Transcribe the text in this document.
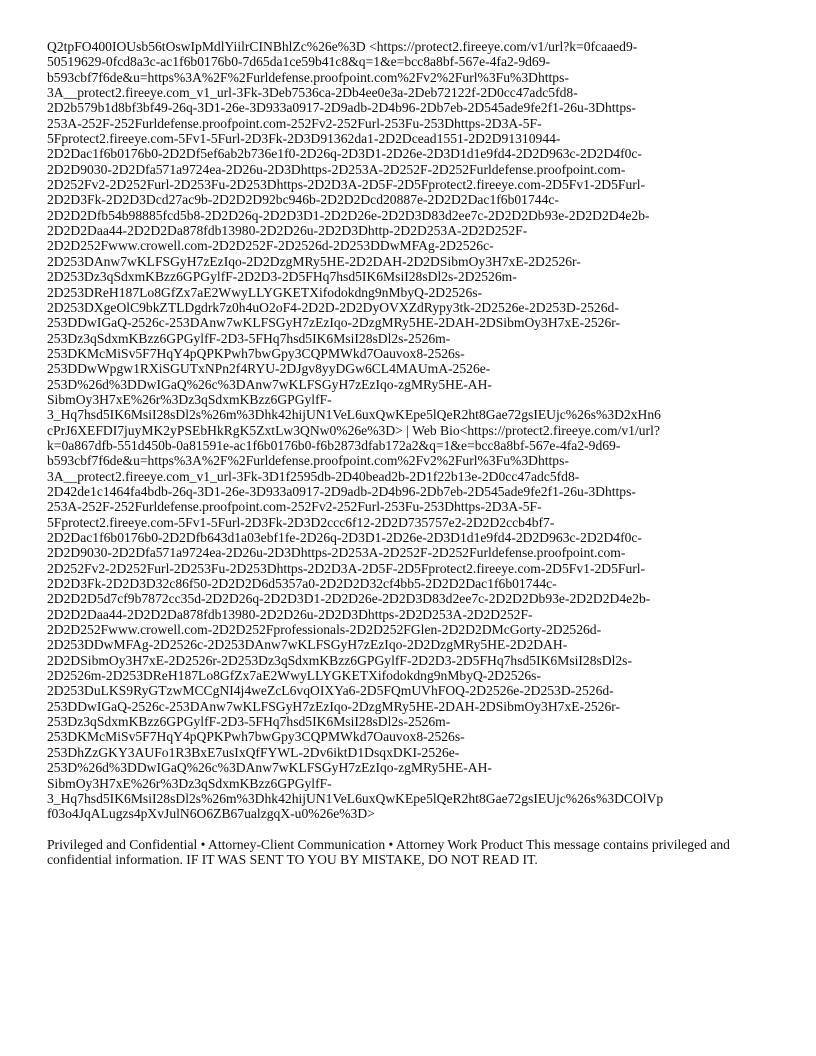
Q2tpFO400IOUsb56tOswIpMdlYiilrCINBhlZc%26e%3D <https://protect2.fireeye.com/v1/url?k=0fcaaed9-
50519629-0fcd8a3c-ac1f6b0176b0-7d65da1ce59b41c8&q=1&e=bcc8a8bf-567e-4fa2-9d69-
b593cbf7f6de&u=https%3A%2F%2Furldefense.proofpoint.com%2Fv2%2Furl%3Fu%3Dhttps-
3A__protect2.fireeye.com_v1_url-3Fk-3Deb7536ca-2Db4ee0e3a-2Deb72122f-2D0cc47adc5fd8-
2D2b579b1d8bf3bf49-26q-3D1-26e-3D933a0917-2D9adb-2D4b96-2Db7eb-2D545ade9fe2f1-26u-3Dhttps-
253A-252F-252Furldefense.proofpoint.com-252Fv2-252Furl-253Fu-253Dhttps-2D3A-5F-
5Fprotect2.fireeye.com-5Fv1-5Furl-2D3Fk-2D3D91362da1-2D2Dcead1551-2D2D91310944-
2D2Dac1f6b0176b0-2D2Df5ef6ab2b736e1f0-2D26q-2D3D1-2D26e-2D3D1d1e9fd4-2D2D963c-2D2D4f0c-
2D2D9030-2D2Dfa571a9724ea-2D26u-2D3Dhttps-2D253A-2D252F-2D252Furldefense.proofpoint.com-
2D252Fv2-2D252Furl-2D253Fu-2D253Dhttps-2D2D3A-2D5F-2D5Fprotect2.fireeye.com-2D5Fv1-2D5Furl-
2D2D3Fk-2D2D3Dcd27ac9b-2D2D2D92bc946b-2D2D2Dcd20887e-2D2D2Dac1f6b01744c-
2D2D2Dfb54b98885fcd5b8-2D2D26q-2D2D3D1-2D2D26e-2D2D3D83d2ee7c-2D2D2Db93e-2D2D2D4e2b-
2D2D2Daa44-2D2D2Da878fdb13980-2D2D26u-2D2D3Dhttp-2D2D253A-2D2D252F-
2D2D252Fwww.crowell.com-2D2D252F-2D2526d-2D253DDwMFAg-2D2526c-
2D253DAnw7wKLFSGyH7zEzIqo-2D2DzgMRy5HE-2D2DAH-2D2DSibmOy3H7xE-2D2526r-
2D253Dz3qSdxmKBzz6GPGylfF-2D2D3-2D5FHq7hsd5IK6MsiI28sDl2s-2D2526m-
2D253DReH187Lo8GfZx7aE2WwyLLYGKETXifodokdng9nMbyQ-2D2526s-
2D253DXgeOlC9bkZTLDgdrk7z0h4uO2oF4-2D2D-2D2DyOVXZdRypy3tk-2D2526e-2D253D-2526d-
253DDwIGaQ-2526c-253DAnw7wKLFSGyH7zEzIqo-2DzgMRy5HE-2DAH-2DSibmOy3H7xE-2526r-
253Dz3qSdxmKBzz6GPGylfF-2D3-5FHq7hsd5IK6MsiI28sDl2s-2526m-
253DKMcMiSv5F7HqY4pQPKPwh7bwGpy3CQPMWkd7Oauvox8-2526s-
253DDwWpgw1RXiSGUTxNPn2f4RYU-2DJgv8yyDGw6CL4MAUmA-2526e-
253D%26d%3DDwIGaQ%26c%3DAnw7wKLFSGyH7zEzIqo-zgMRy5HE-AH-
SibmOy3H7xE%26r%3Dz3qSdxmKBzz6GPGylfF-
3_Hq7hsd5IK6MsiI28sDl2s%26m%3Dhk42hijUN1VeL6uxQwKEpe5lQeR2ht8Gae72gsIEUjc%26s%3D2xHn6
cPrJ6XEFDI7juyMK2yPSEbHkRgK5ZxtLw3QNw0%26e%3D> | Web Bio<https://protect2.fireeye.com/v1/url?
k=0a867dfb-551d450b-0a81591e-ac1f6b0176b0-f6b2873dfab172a2&q=1&e=bcc8a8bf-567e-4fa2-9d69-
b593cbf7f6de&u=https%3A%2F%2Furldefense.proofpoint.com%2Fv2%2Furl%3Fu%3Dhttps-
3A__protect2.fireeye.com_v1_url-3Fk-3D1f2595db-2D40bead2b-2D1f22b13e-2D0cc47adc5fd8-
2D42de1c1464fa4bdb-26q-3D1-26e-3D933a0917-2D9adb-2D4b96-2Db7eb-2D545ade9fe2f1-26u-3Dhttps-
253A-252F-252Furldefense.proofpoint.com-252Fv2-252Furl-253Fu-253Dhttps-2D3A-5F-
5Fprotect2.fireeye.com-5Fv1-5Furl-2D3Fk-2D3D2ccc6f12-2D2D735757e2-2D2D2ccb4bf7-
2D2Dac1f6b0176b0-2D2Dfb643d1a03ebf1fe-2D26q-2D3D1-2D26e-2D3D1d1e9fd4-2D2D963c-2D2D4f0c-
2D2D9030-2D2Dfa571a9724ea-2D26u-2D3Dhttps-2D253A-2D252F-2D252Furldefense.proofpoint.com-
2D252Fv2-2D252Furl-2D253Fu-2D253Dhttps-2D2D3A-2D5F-2D5Fprotect2.fireeye.com-2D5Fv1-2D5Furl-
2D2D3Fk-2D2D3D32c86f50-2D2D2D6d5357a0-2D2D2D32cf4bb5-2D2D2Dac1f6b01744c-
2D2D2D5d7cf9b7872cc35d-2D2D26q-2D2D3D1-2D2D26e-2D2D3D83d2ee7c-2D2D2Db93e-2D2D2D4e2b-
2D2D2Daa44-2D2D2Da878fdb13980-2D2D26u-2D2D3Dhttps-2D2D253A-2D2D252F-
2D2D252Fwww.crowell.com-2D2D252Fprofessionals-2D2D252FGlen-2D2D2DMcGorty-2D2526d-
2D253DDwMFAg-2D2526c-2D253DAnw7wKLFSGyH7zEzIqo-2D2DzgMRy5HE-2D2DAH-
2D2DSibmOy3H7xE-2D2526r-2D253Dz3qSdxmKBzz6GPGylfF-2D2D3-2D5FHq7hsd5IK6MsiI28sDl2s-
2D2526m-2D253DReH187Lo8GfZx7aE2WwyLLYGKETXifodokdng9nMbyQ-2D2526s-
2D253DuLKS9RyGTzwMCCgNI4j4weZcL6vqOIXYa6-2D5FQmUVhFOQ-2D2526e-2D253D-2526d-
253DDwIGaQ-2526c-253DAnw7wKLFSGyH7zEzIqo-2DzgMRy5HE-2DAH-2DSibmOy3H7xE-2526r-
253Dz3qSdxmKBzz6GPGylfF-2D3-5FHq7hsd5IK6MsiI28sDl2s-2526m-
253DKMcMiSv5F7HqY4pQPKPwh7bwGpy3CQPMWkd7Oauvox8-2526s-
253DhZzGKY3AUFo1R3BxE7usIxQfFYWL-2Dv6iktD1DsqxDKI-2526e-
253D%26d%3DDwIGaQ%26c%3DAnw7wKLFSGyH7zEzIqo-zgMRy5HE-AH-
SibmOy3H7xE%26r%3Dz3qSdxmKBzz6GPGylfF-
3_Hq7hsd5IK6MsiI28sDl2s%26m%3Dhk42hijUN1VeL6uxQwKEpe5lQeR2ht8Gae72gsIEUjc%26s%3DCOlVp
f03o4JqALugzs4pXvJulN6O6ZB67ualzgqX-u0%26e%3D>
Privileged and Confidential • Attorney-Client Communication • Attorney Work Product This message contains privileged and confidential information. IF IT WAS SENT TO YOU BY MISTAKE, DO NOT READ IT.
